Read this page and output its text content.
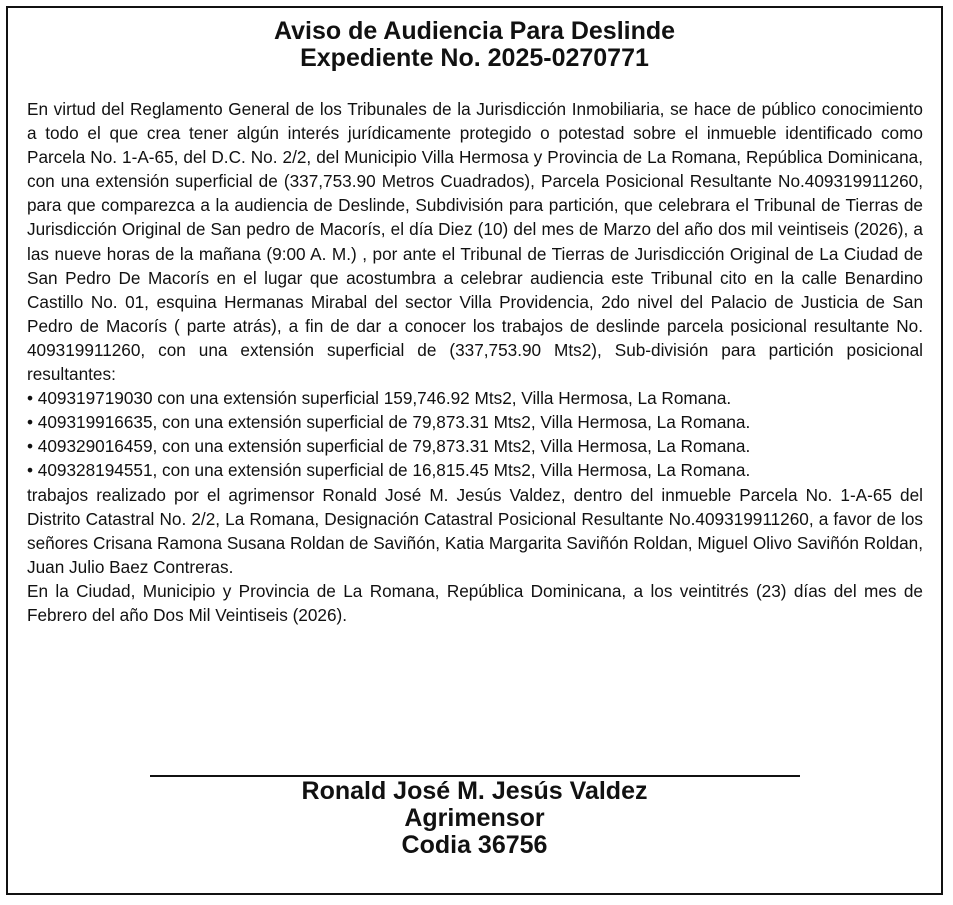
Aviso de Audiencia Para Deslinde
Expediente No. 2025-0270771

En virtud del Reglamento General de los Tribunales de la Jurisdicción Inmobiliaria, se hace de público conocimiento a todo el que crea tener algún interés jurídicamente protegido o potestad sobre el inmueble identificado como Parcela No. 1-A-65, del D.C. No. 2/2, del Municipio Villa Hermosa y Provincia de La Romana, República Dominicana, con una extensión superficial de (337,753.90 Metros Cuadrados), Parcela Posicional Resultante No.409319911260, para que comparezca a la audiencia de Deslinde, Subdivisión para partición, que celebrara el Tribunal de Tierras de Jurisdicción Original de San pedro de Macorís, el día Diez (10) del mes de Marzo del año dos mil veintiseis (2026), a las nueve horas de la mañana (9:00 A. M.) , por ante el Tribunal de Tierras de Jurisdicción Original de La Ciudad de San Pedro De Macorís en el lugar que acostumbra a celebrar audiencia este Tribunal cito en la calle Benardino Castillo No. 01, esquina Hermanas Mirabal del sector Villa Providencia, 2do nivel del Palacio de Justicia de San Pedro de Macorís ( parte atrás), a fin de dar a conocer los trabajos de deslinde parcela posicional resultante No. 409319911260, con una extensión superficial de (337,753.90 Mts2), Sub-división para partición posicional resultantes:

• 409319719030 con una extensión superficial 159,746.92 Mts2, Villa Hermosa, La Romana.

• 409319916635, con una extensión superficial de 79,873.31 Mts2, Villa Hermosa, La Romana.

• 409329016459, con una extensión superficial de 79,873.31 Mts2, Villa Hermosa, La Romana.

• 409328194551, con una extensión superficial de 16,815.45 Mts2, Villa Hermosa, La Romana.

trabajos realizado por el agrimensor Ronald José M. Jesús Valdez, dentro del inmueble Parcela No. 1-A-65 del Distrito Catastral No. 2/2, La Romana, Designación Catastral Posicional Resultante No.409319911260, a favor de los señores Crisana Ramona Susana Roldan de Saviñón, Katia Margarita Saviñón Roldan, Miguel Olivo Saviñón Roldan, Juan Julio Baez Contreras.

En la Ciudad, Municipio y Provincia de La Romana, República Dominicana, a los veintitrés (23) días del mes de Febrero del año Dos Mil Veintiseis (2026).

Ronald José M. Jesús Valdez
Agrimensor
Codia 36756
